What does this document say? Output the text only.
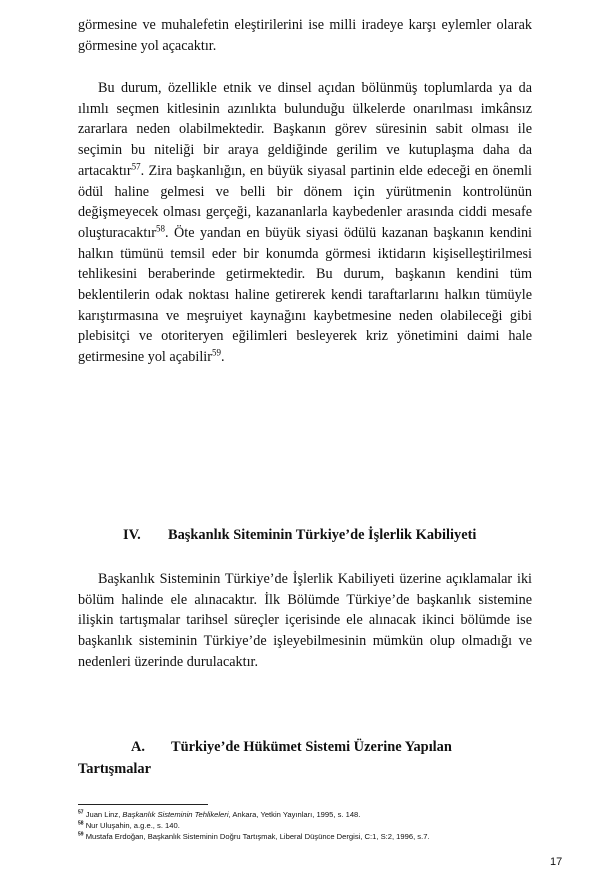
görmesine ve muhalefetin eleştirilerini ise milli iradeye karşı eylemler olarak görmesine yol açacaktır.

Bu durum, özellikle etnik ve dinsel açıdan bölünmüş toplumlarda ya da ılımlı seçmen kitlesinin azınlıkta bulunduğu ülkelerde onarılması imkânsız zararlara neden olabilmektedir. Başkanın görev süresinin sabit olması ile seçimin bu niteliği bir araya geldiğinde gerilim ve kutuplaşma daha da artacaktır$^{57}$. Zira başkanlığın, en büyük siyasal partinin elde edeceği en önemli ödül haline gelmesi ve belli bir dönem için yürütmenin kontrolünün değişmeyecek olması gerçeği, kazananlarla kaybedenler arasında ciddi mesafe oluşturacaktır$^{58}$. Öte yandan en büyük siyasi ödülü kazanan başkanın kendini halkın tümünü temsil eder bir konumda görmesi iktidarın kişiselleştirilmesi tehlikesini beraberinde getirmektedir. Bu durum, başkanın kendini tüm beklentilerin odak noktası haline getirerek kendi taraftarlarını halkın tümüyle karıştırmasına ve meşruiyet kaynağını kaybetmesine neden olabileceği gibi plebisitçi ve otoriteryen eğilimleri besleyerek kriz yönetimini daimi hale getirmesine yol açabilir$^{59}$.

IV. Başkanlık Siteminin Türkiye’de İşlerlik Kabiliyeti

Başkanlık Sisteminin Türkiye’de İşlerlik Kabiliyeti üzerine açıklamalar iki bölüm halinde ele alınacaktır. İlk Bölümde Türkiye’de başkanlık sistemine ilişkin tartışmalar tarihsel süreçler içerisinde ele alınacak ikinci bölümde ise başkanlık sisteminin Türkiye’de işleyebilmesinin mümkün olup olmadığı ve nedenleri üzerinde durulacaktır.

A. Türkiye’de Hükümet Sistemi Üzerine Yapılan
Tartışmalar
$^{57}$ Juan Linz, Başkanlık Sisteminin Tehlikeleri, Ankara, Yetkin Yayınları, 1995, s. 148.
$^{58}$ Nur Uluşahin, a.g.e., s. 140.
$^{59}$ Mustafa Erdoğan, Başkanlık Sisteminin Doğru Tartışmak, Liberal Düşünce Dergisi, C:1, S:2, 1996, s.7.
17
